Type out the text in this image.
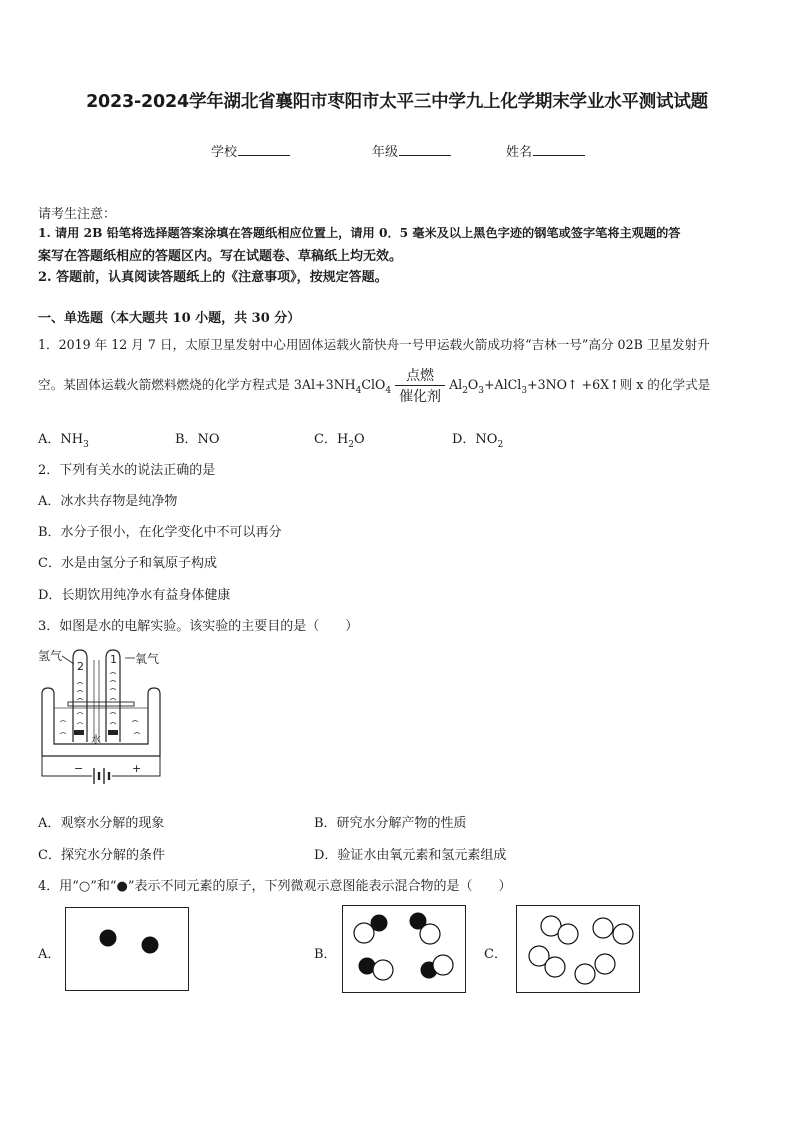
2023-2024学年湖北省襄阳市枣阳市太平三中学九上化学期末学业水平测试试题
学校	年级	姓名
请考生注意：
1. 请用 2B 铅笔将选择题答案涂填在答题纸相应位置上，请用 0．5 毫米及以上黑色字迹的钢笔或签字笔将主观题的答
案写在答题纸相应的答题区内。写在试题卷、草稿纸上均无效。
2. 答题前，认真阅读答题纸上的《注意事项》，按规定答题。
一、单选题（本大题共 10 小题，共 30 分）
1．2019 年 12 月 7 日，太原卫星发射中心用固体运载火箭快舟一号甲运载火箭成功将“吉林一号”高分 02B 卫星发射升
空。某固体运载火箭燃料燃烧的化学方程式是 $3Al+3NH_4ClO_4 \frac{\text{点燃}}{\text{催化剂}}$ $Al_2O_3+AlCl_3+3NO↑$ +6X↑则 x 的化学式是
A．$NH_3$	B．NO	C．$H_2O$	D．$NO_2$
2．下列有关水的说法正确的是
A．冰水共存物是纯净物
B．水分子很小，在化学变化中不可以再分
C．水是由氢分子和氧原子构成
D．长期饮用纯净水有益身体健康
3．如图是水的电解实验。该实验的主要目的是（　　）
氢气	氧气
2
1
水
−	+
A．观察水分解的现象	B．研究水分解产物的性质
C．探究水分解的条件	D．验证水由氧元素和氢元素组成
4．用“○”和“●”表示不同元素的原子，下列微观示意图能表示混合物的是（　　）
A．	B．	C．
